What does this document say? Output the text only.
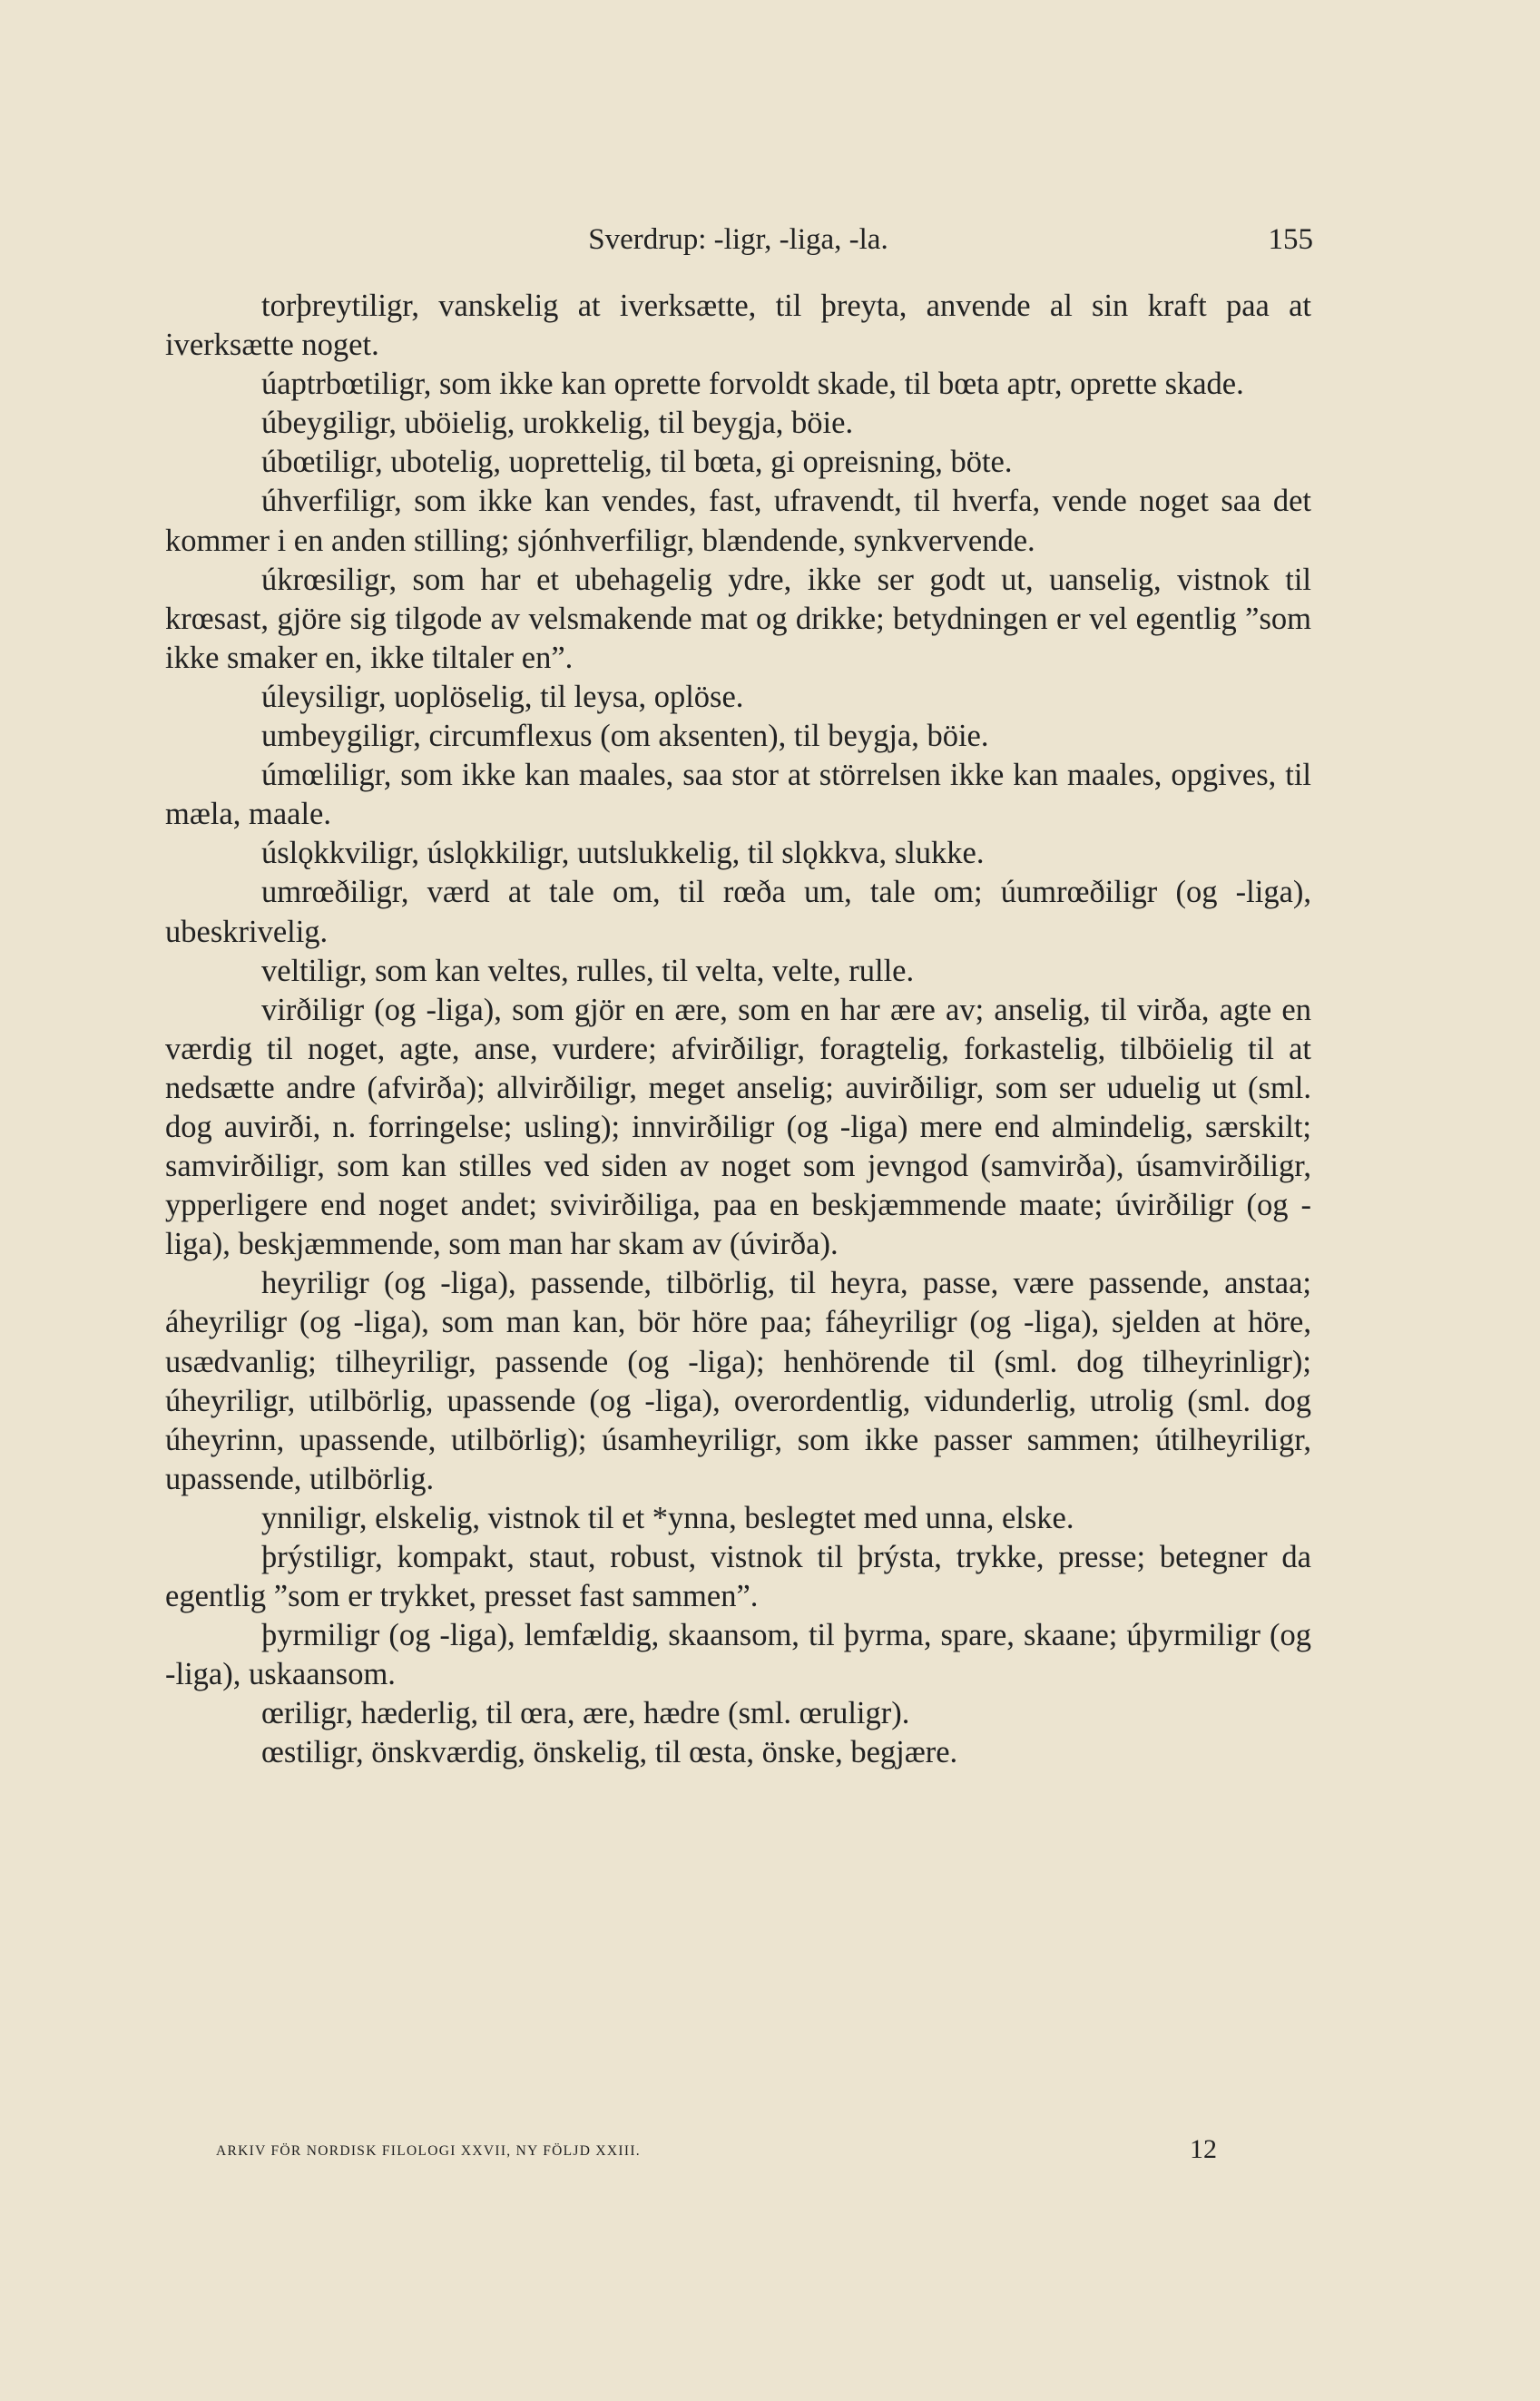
Sverdrup: -ligr, -liga, -la.	155

torþreytiligr, vanskelig at iverksætte, til þreyta, anvende al sin kraft paa at iverksætte noget.

úaptrbœtiligr, som ikke kan oprette forvoldt skade, til bœta aptr, oprette skade.

úbeygiligr, uböielig, urokkelig, til beygja, böie.

úbœtiligr, ubotelig, uoprettelig, til bœta, gi opreisning, böte.

úhverfiligr, som ikke kan vendes, fast, ufravendt, til hverfa, vende noget saa det kommer i en anden stilling; sjónhverfiligr, blændende, synkvervende.

úkrœsiligr, som har et ubehagelig ydre, ikke ser godt ut, uanselig, vistnok til krœsast, gjöre sig tilgode av velsmakende mat og drikke; betydningen er vel egentlig ”som ikke smaker en, ikke tiltaler en”.

úleysiligr, uoplöselig, til leysa, oplöse.

umbeygiligr, circumflexus (om aksenten), til beygja, böie.

úmœliligr, som ikke kan maales, saa stor at störrelsen ikke kan maales, opgives, til mæla, maale.

úslǫkkviligr, úslǫkkiligr, uutslukkelig, til slǫkkva, slukke.

umrœðiligr, værd at tale om, til rœða um, tale om; úumrœðiligr (og -liga), ubeskrivelig.

veltiligr, som kan veltes, rulles, til velta, velte, rulle.

virðiligr (og -liga), som gjör en ære, som en har ære av; anselig, til virða, agte en værdig til noget, agte, anse, vurdere; afvirðiligr, foragtelig, forkastelig, tilböielig til at nedsætte andre (afvirða); allvirðiligr, meget anselig; auvirðiligr, som ser uduelig ut (sml. dog auvirði, n. forringelse; usling); innvirðiligr (og -liga) mere end almindelig, særskilt; samvirðiligr, som kan stilles ved siden av noget som jevngod (samvirða), úsamvirðiligr, ypperligere end noget andet; svivirðiliga, paa en beskjæmmende maate; úvirðiligr (og -liga), beskjæmmende, som man har skam av (úvirða).

heyriligr (og -liga), passende, tilbörlig, til heyra, passe, være passende, anstaa; áheyriligr (og -liga), som man kan, bör höre paa; fáheyriligr (og -liga), sjelden at höre, usædvanlig; tilheyriligr, passende (og -liga); henhörende til (sml. dog tilheyrinligr); úheyriligr, utilbörlig, upassende (og -liga), overordentlig, vidunderlig, utrolig (sml. dog úheyrinn, upassende, utilbörlig); úsamheyriligr, som ikke passer sammen; útilheyriligr, upassende, utilbörlig.

ynniligr, elskelig, vistnok til et *ynna, beslegtet med unna, elske.

þrýstiligr, kompakt, staut, robust, vistnok til þrýsta, trykke, presse; betegner da egentlig ”som er trykket, presset fast sammen”.

þyrmiligr (og -liga), lemfældig, skaansom, til þyrma, spare, skaane; úþyrmiligr (og -liga), uskaansom.

œriligr, hæderlig, til œra, ære, hædre (sml. œruligr).

œstiligr, önskværdig, önskelig, til œsta, önske, begjære.

ARKIV FÖR NORDISK FILOLOGI XXVII, NY FÖLJD XXIII.	12
